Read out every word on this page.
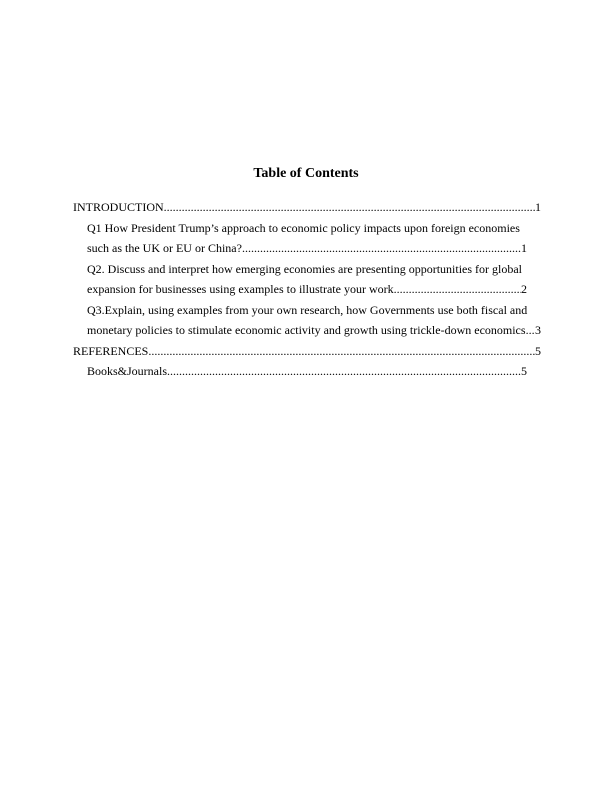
Table of Contents
INTRODUCTION .....	1
Q1 How President Trump’s approach to economic policy impacts upon foreign economies
such as the UK or EU or China? .....	1
Q2. Discuss and interpret how emerging economies are presenting opportunities for global
expansion for businesses using examples to illustrate your work .....	2
Q3.Explain, using examples from your own research, how Governments use both fiscal and
monetary policies to stimulate economic activity and growth using trickle-down economics ..... 3
REFERENCES .....	5
Books&Journals .....	5
